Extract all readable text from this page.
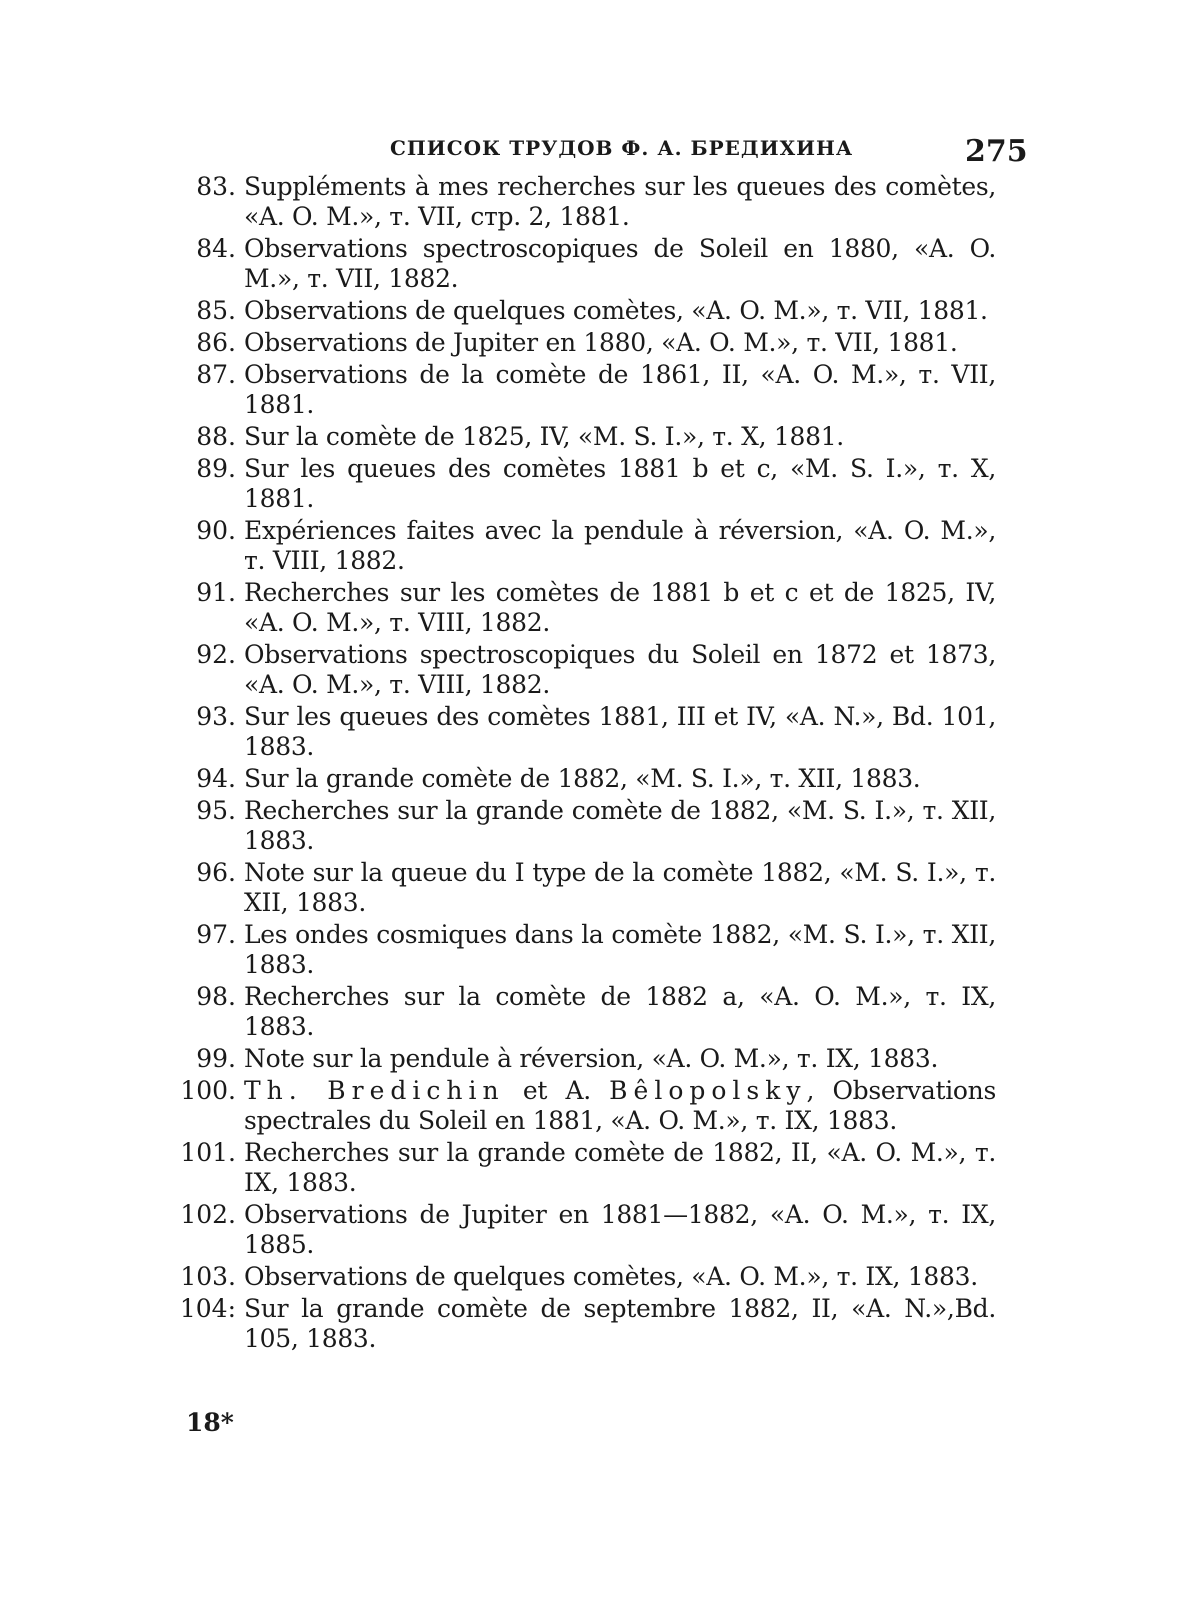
СПИСОК ТРУДОВ Ф. А. БРЕДИХИНА	275
83. Suppléments à mes recherches sur les queues des comètes, «A. O. M.», т. VII, стр. 2, 1881.
84. Observations spectroscopiques de Soleil en 1880, «A. O. M.», т. VII, 1882.
85. Observations de quelques comètes, «A. O. M.», т. VII, 1881.
86. Observations de Jupiter en 1880, «A. O. M.», т. VII, 1881.
87. Observations de la comète de 1861, II, «A. O. M.», т. VII, 1881.
88. Sur la comète de 1825, IV, «M. S. I.», т. X, 1881.
89. Sur les queues des comètes 1881 b et c, «M. S. I.», т. X, 1881.
90. Expériences faites avec la pendule à réversion, «A. O. M.», т. VIII, 1882.
91. Recherches sur les comètes de 1881 b et c et de 1825, IV, «A. O. M.», т. VIII, 1882.
92. Observations spectroscopiques du Soleil en 1872 et 1873, «A. O. M.», т. VIII, 1882.
93. Sur les queues des comètes 1881, III et IV, «A. N.», Bd. 101, 1883.
94. Sur la grande comète de 1882, «M. S. I.», т. XII, 1883.
95. Recherches sur la grande comète de 1882, «M. S. I.», т. XII, 1883.
96. Note sur la queue du I type de la comète 1882, «M. S. I.», т. XII, 1883.
97. Les ondes cosmiques dans la comète 1882, «M. S. I.», т. XII, 1883.
98. Recherches sur la comète de 1882 a, «A. O. M.», т. IX, 1883.
99. Note sur la pendule à réversion, «A. O. M.», т. IX, 1883.
100. Th. Bredichin et A. Bêlopolsky, Observations spectrales du Soleil en 1881, «A. O. M.», т. IX, 1883.
101. Recherches sur la grande comète de 1882, II, «A. O. M.», т. IX, 1883.
102. Observations de Jupiter en 1881—1882, «A. O. M.», т. IX, 1885.
103. Observations de quelques comètes, «A. O. M.», т. IX, 1883.
104: Sur la grande comète de septembre 1882, II, «A. N.»,Bd. 105, 1883.
18*
